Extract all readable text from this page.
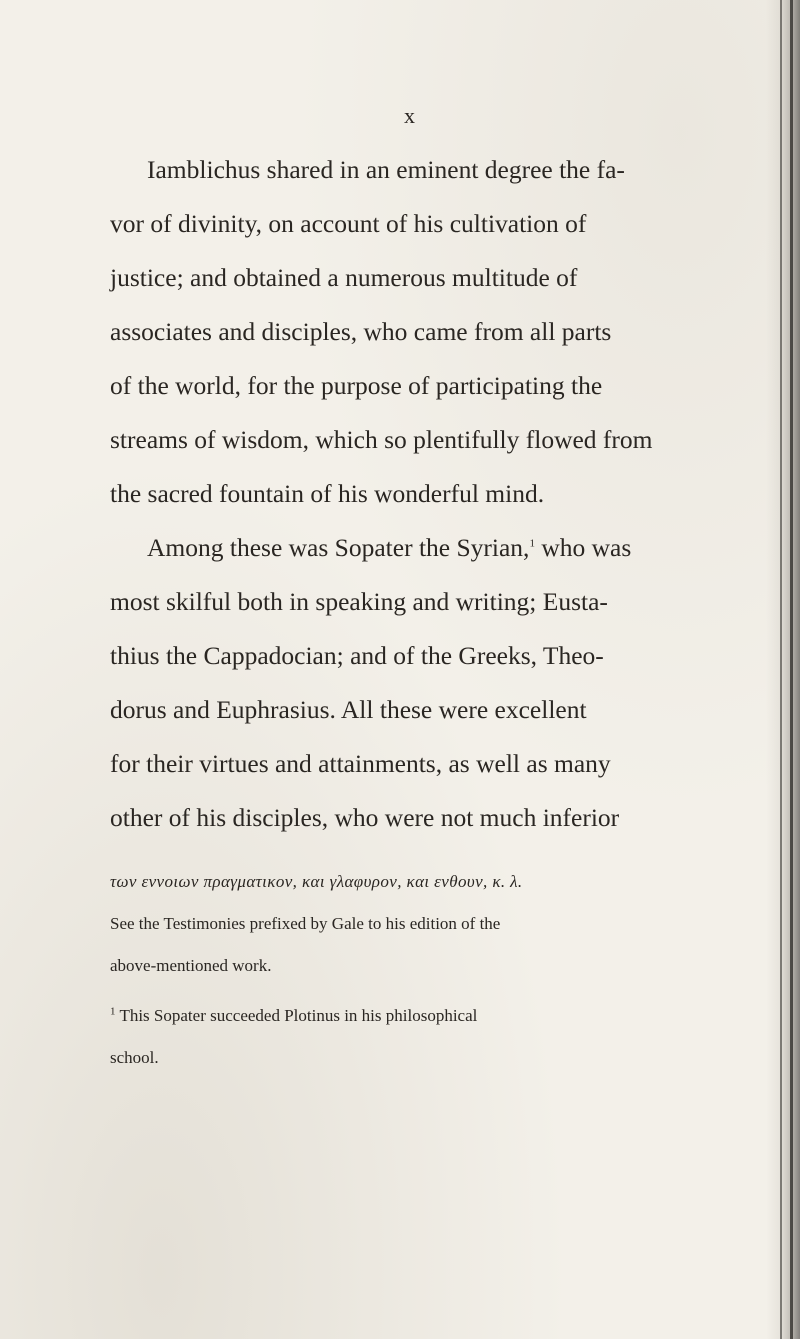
x
Iamblichus shared in an eminent degree the fa-
vor of divinity, on account of his cultivation of
justice; and obtained a numerous multitude of
associates and disciples, who came from all parts
of the world, for the purpose of participating the
streams of wisdom, which so plentifully flowed from
the sacred fountain of his wonderful mind.
Among these was Sopater the Syrian,$^1$ who was
most skilful both in speaking and writing; Eusta-
thius the Cappadocian; and of the Greeks, Theo-
dorus and Euphrasius. All these were excellent
for their virtues and attainments, as well as many
other of his disciples, who were not much inferior
των εννοιων πραγματικον, και γλαφυρον, και ενθουν, κ. λ.
See the Testimonies prefixed by Gale to his edition of the
above-mentioned work.
$^1$ This Sopater succeeded Plotinus in his philosophical
school.
